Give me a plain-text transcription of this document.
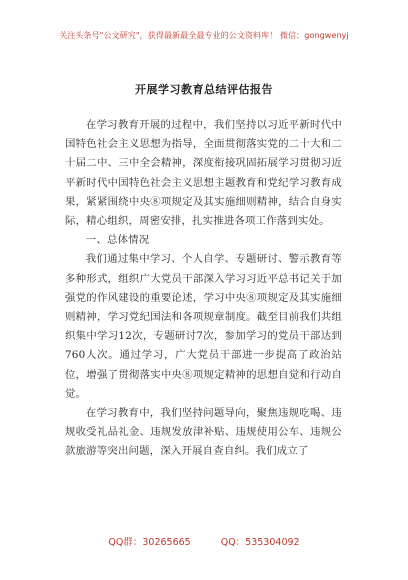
关注头条号"公文研究"，获得最新最全最专业的公文资料库！ 微信：gongwenyj
开展学习教育总结评估报告

在学习教育开展的过程中，我们坚持以习近平新时代中国特色社会主义思想为指导，全面贯彻落实党的二十大和二十届二中、三中全会精神，深度衔接巩固拓展学习贯彻习近平新时代中国特色社会主义思想主题教育和党纪学习教育成果，紧紧围绕中央⑧项规定及其实施细则精神，结合自身实际，精心组织，周密安排，扎实推进各项工作落到实处。

一、总体情况

我们通过集中学习、个人自学、专题研讨、警示教育等多种形式，组织广大党员干部深入学习习近平总书记关于加强党的作风建设的重要论述，学习中央⑧项规定及其实施细则精神，学习党纪国法和各项规章制度。截至目前我们共组织集中学习12次，专题研讨7次，参加学习的党员干部达到760人次。通过学习，广大党员干部进一步提高了政治站位，增强了贯彻落实中央⑧项规定精神的思想自觉和行动自觉。

在学习教育中，我们坚持问题导向，聚焦违规吃喝、违规收受礼品礼金、违规发放津补贴、违规使用公车、违规公款旅游等突出问题，深入开展自查自纠。我们成立了

QQ群：30265665	QQ：535304092
